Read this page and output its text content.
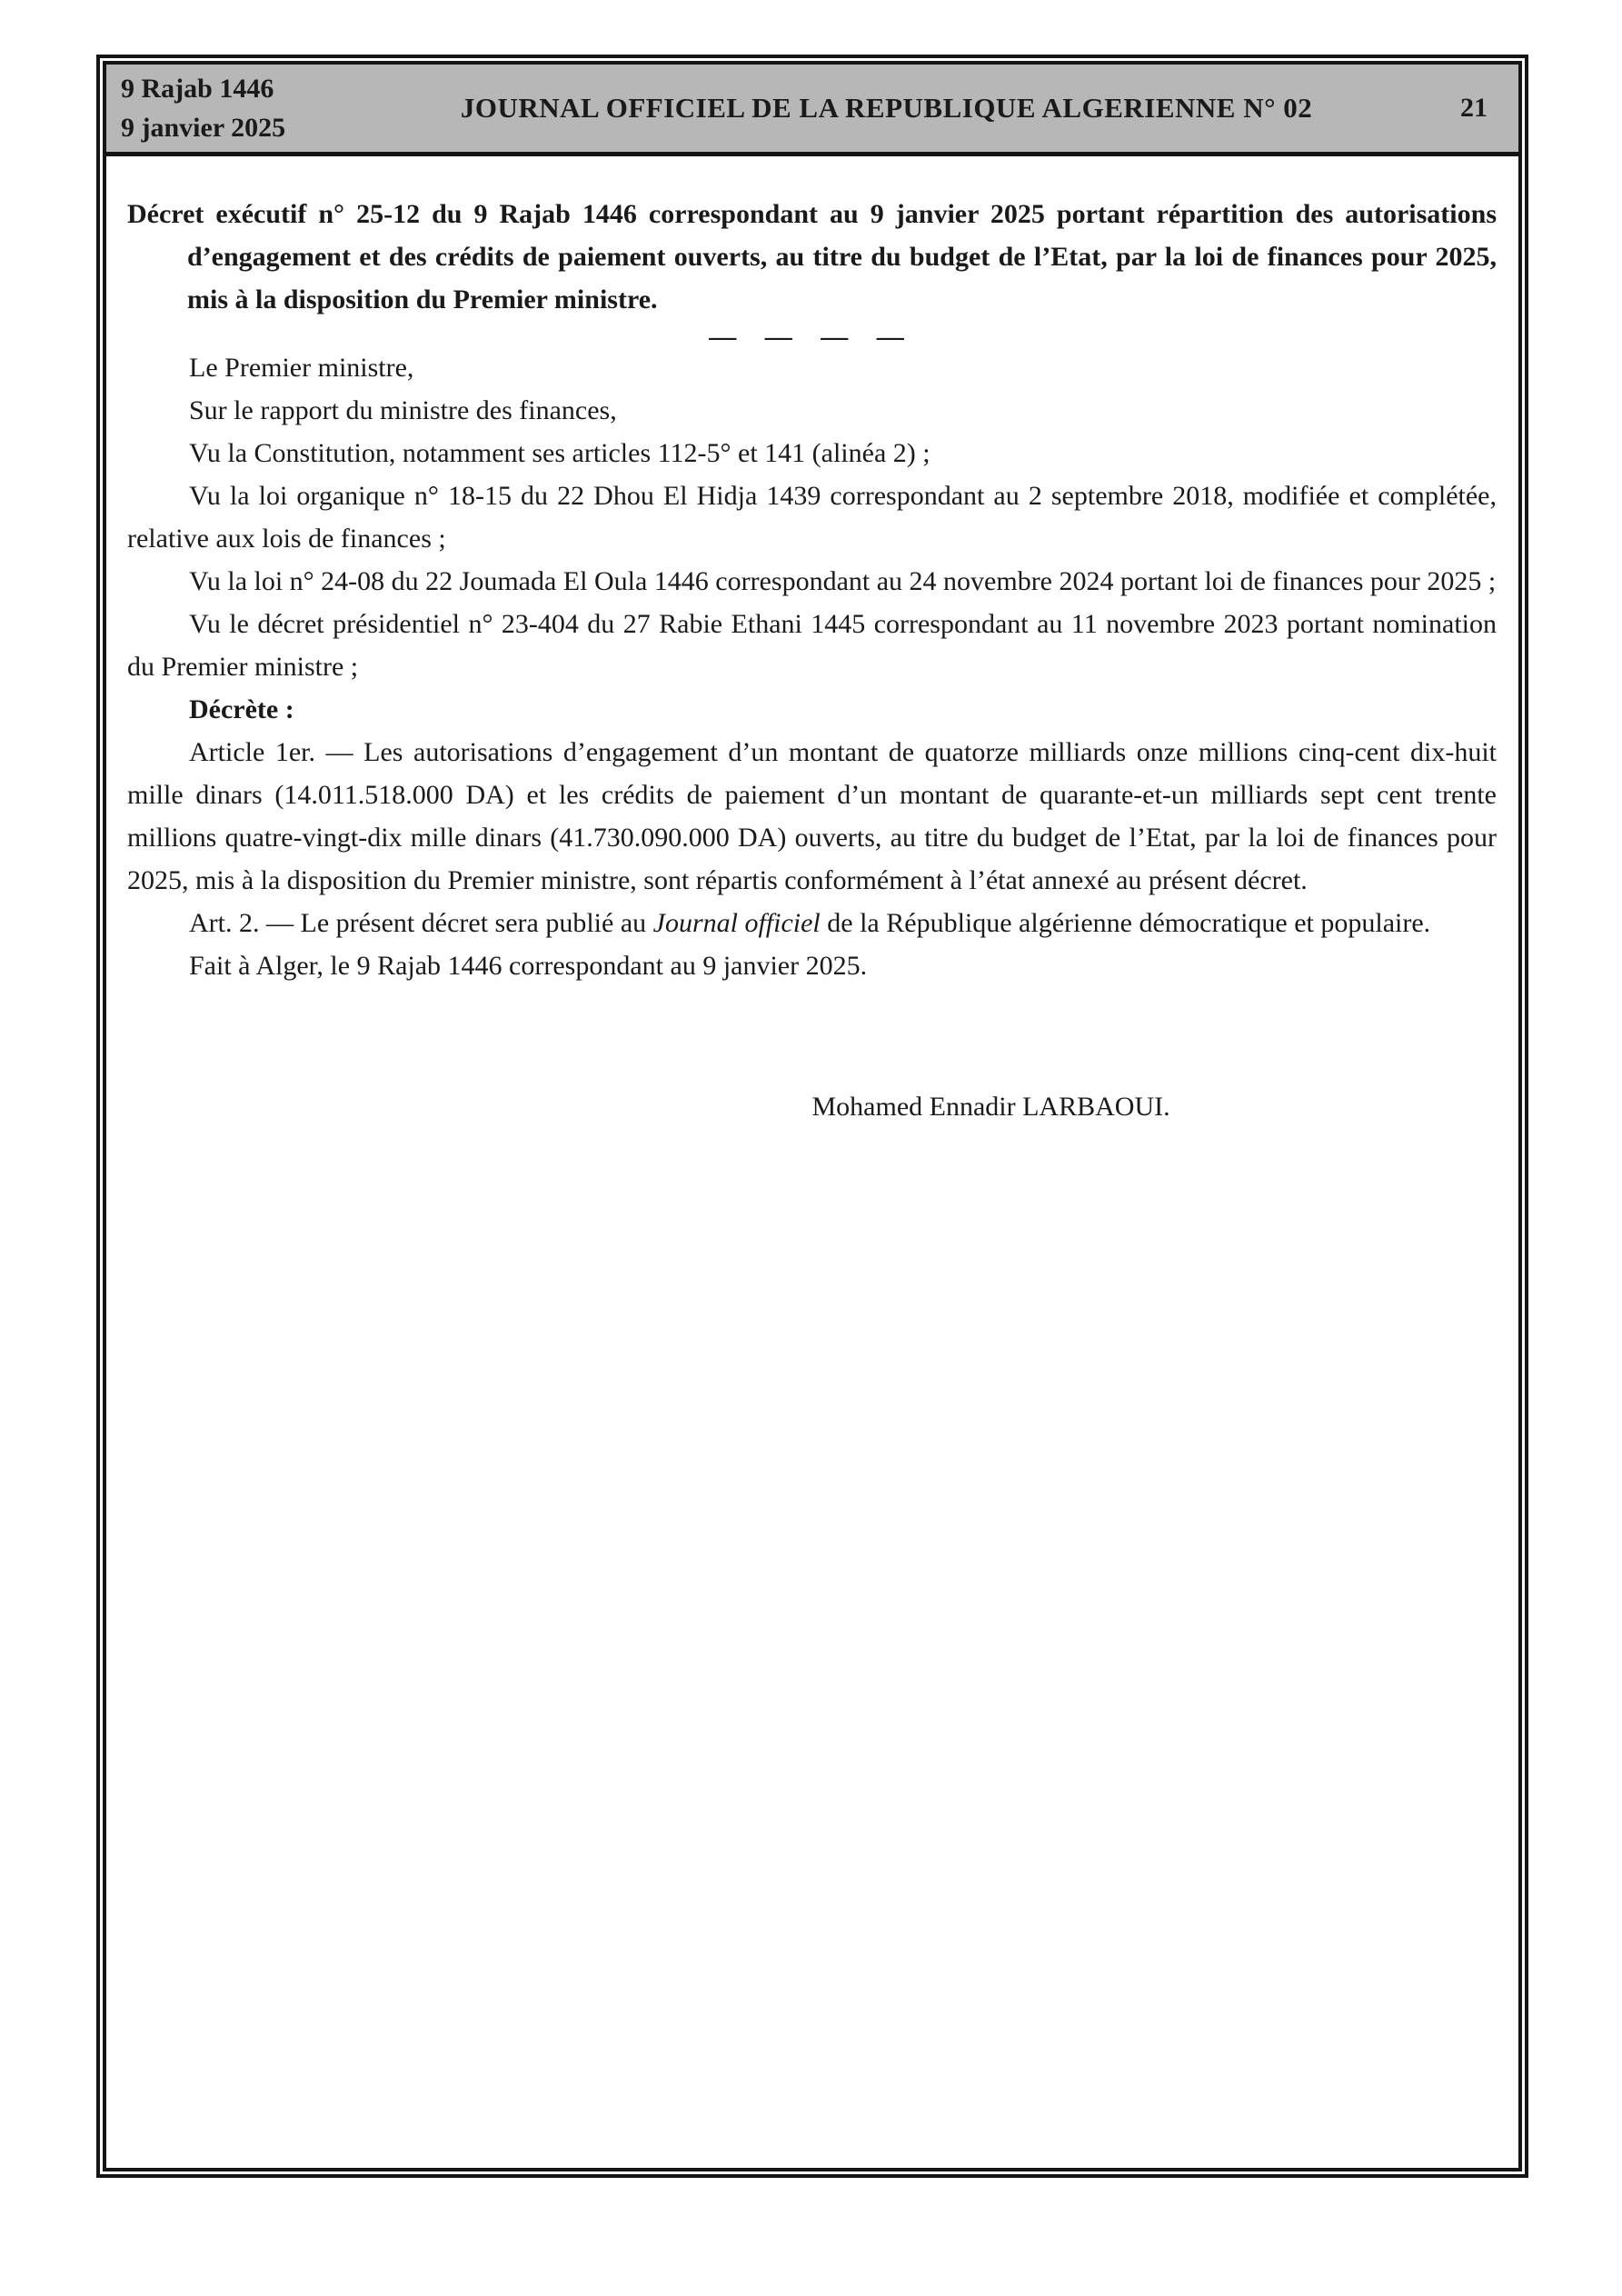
9 Rajab 1446
9 janvier 2025
JOURNAL OFFICIEL DE LA REPUBLIQUE ALGERIENNE N° 02	21

Décret exécutif n° 25-12 du 9 Rajab 1446 correspondant au 9 janvier 2025 portant répartition des autorisations d’engagement et des crédits de paiement ouverts, au titre du budget de l’Etat, par la loi de finances pour 2025, mis à la disposition du Premier ministre.

— — — —

Le Premier ministre,

Sur le rapport du ministre des finances,

Vu la Constitution, notamment ses articles 112-5° et 141 (alinéa 2) ;

Vu la loi organique n° 18-15 du 22 Dhou El Hidja 1439 correspondant au 2 septembre 2018, modifiée et complétée, relative aux lois de finances ;

Vu la loi n° 24-08 du 22 Joumada El Oula 1446 correspondant au 24 novembre 2024 portant loi de finances pour 2025 ;

Vu le décret présidentiel n° 23-404 du 27 Rabie Ethani 1445 correspondant au 11 novembre 2023 portant nomination du Premier ministre ;

Décrète :

Article 1er. — Les autorisations d’engagement d’un montant de quatorze milliards onze millions cinq-cent dix-huit mille dinars (14.011.518.000 DA) et les crédits de paiement d’un montant de quarante-et-un milliards sept cent trente millions quatre-vingt-dix mille dinars (41.730.090.000 DA) ouverts, au titre du budget de l’Etat, par la loi de finances pour 2025, mis à la disposition du Premier ministre, sont répartis conformément à l’état annexé au présent décret.

Art. 2. — Le présent décret sera publié au Journal officiel de la République algérienne démocratique et populaire.

Fait à Alger, le 9 Rajab 1446 correspondant au 9 janvier 2025.

Mohamed Ennadir LARBAOUI.
